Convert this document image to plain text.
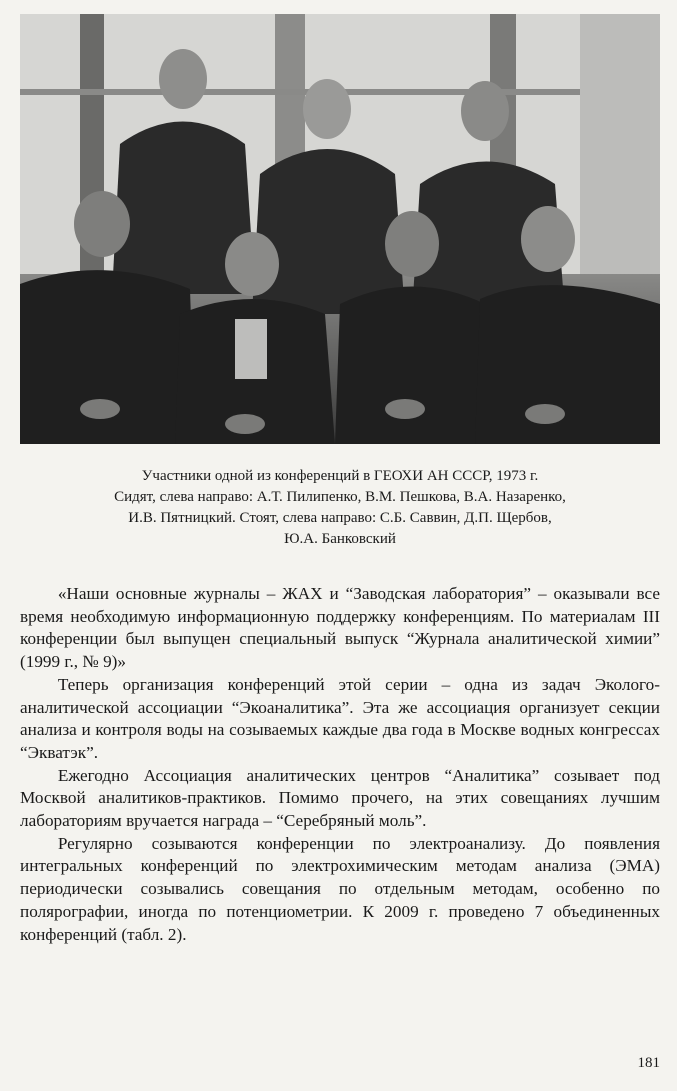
Участники одной из конференций в ГЕОХИ АН СССР, 1973 г.
Сидят, слева направо: А.Т. Пилипенко, В.М. Пешкова, В.А. Назаренко,
И.В. Пятницкий. Стоят, слева направо: С.Б. Саввин, Д.П. Щербов,
Ю.А. Банковский

«Наши основные журналы – ЖАХ и “Заводская лаборатория” – оказывали все время необходимую информационную поддержку конференциям. По материалам III конференции был выпущен специальный выпуск “Журнала аналитической химии” (1999 г., № 9)»

Теперь организация конференций этой серии – одна из задач Эколого-аналитической ассоциации “Экоаналитика”. Эта же ассоциация организует секции анализа и контроля воды на созываемых каждые два года в Москве водных конгрессах “Экватэк”.

Ежегодно Ассоциация аналитических центров “Аналитика” созывает под Москвой аналитиков-практиков. Помимо прочего, на этих совещаниях лучшим лабораториям вручается награда – “Серебряный моль”.

Регулярно созываются конференции по электроанализу. До появления интегральных конференций по электрохимическим методам анализа (ЭМА) периодически созывались совещания по отдельным методам, особенно по полярографии, иногда по потенциометрии. К 2009 г. проведено 7 объединенных конференций (табл. 2).

181
